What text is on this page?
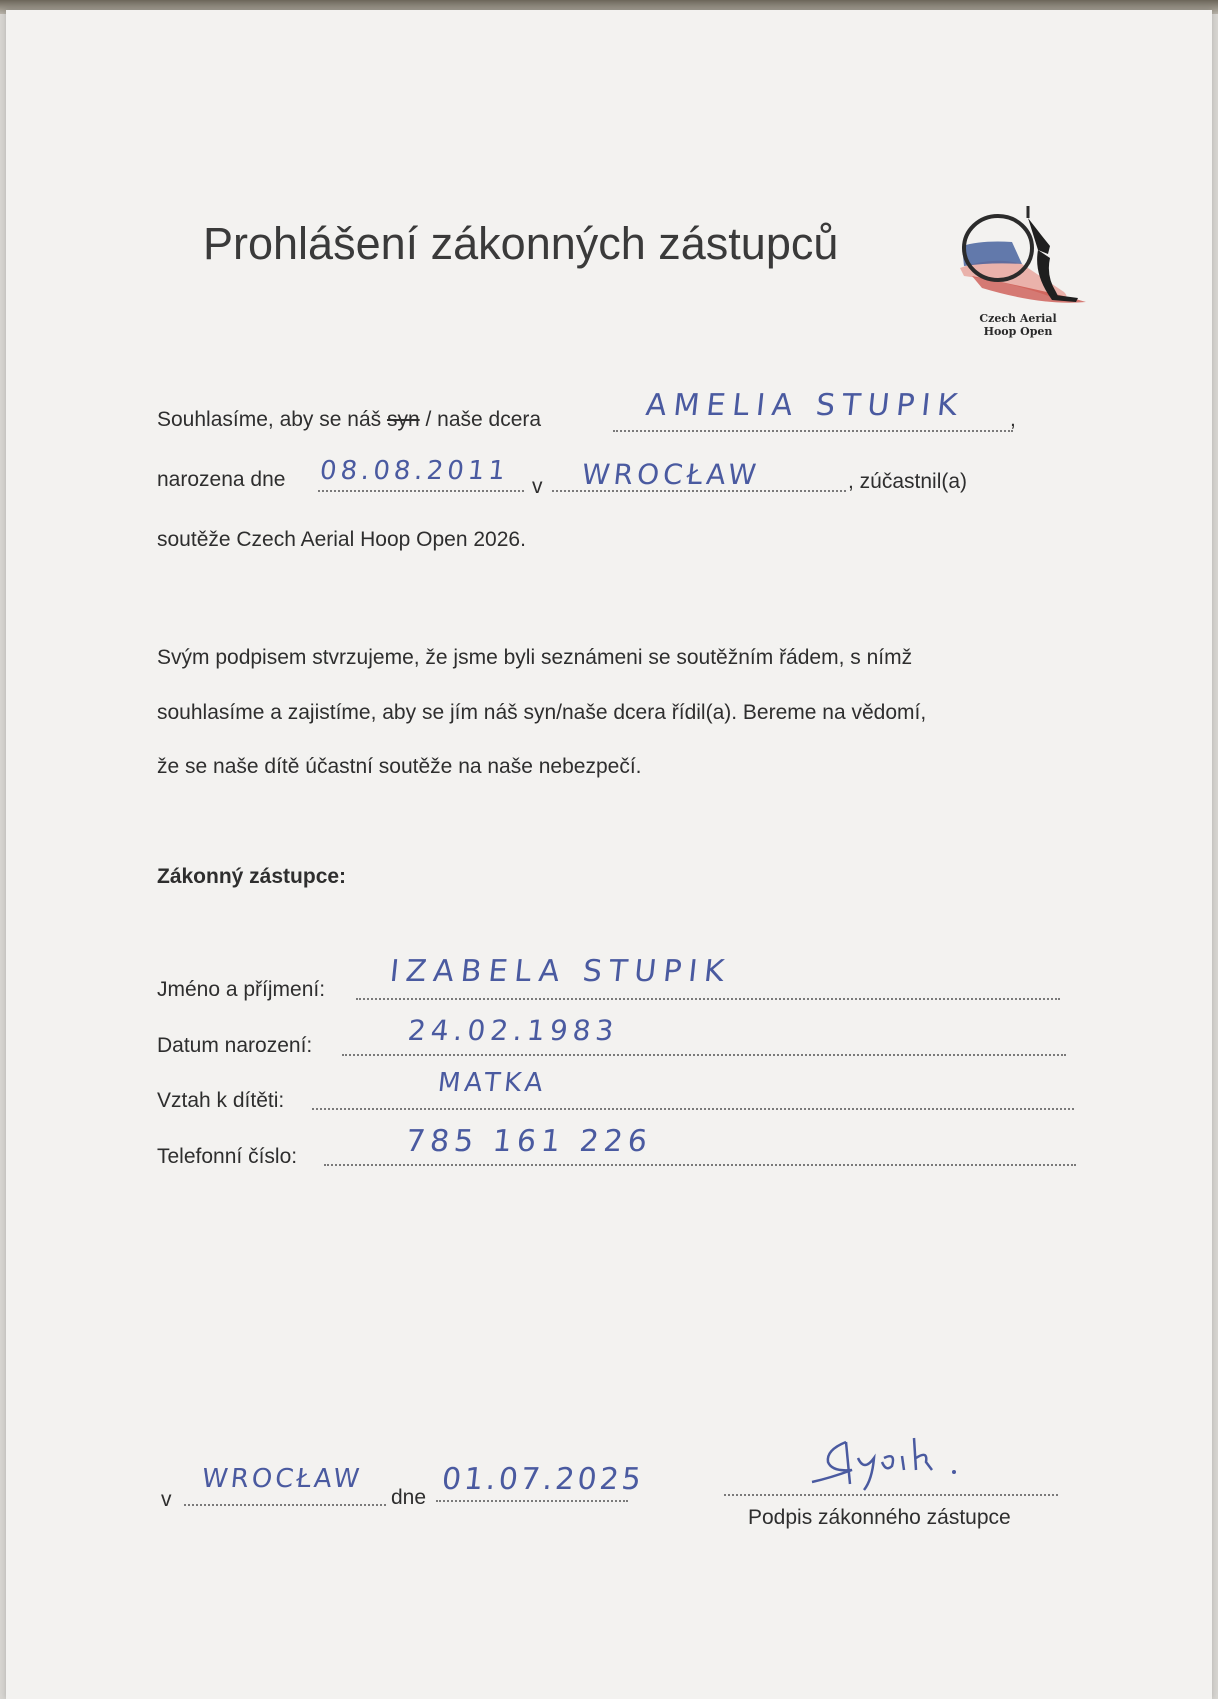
Prohlášení zákonných zástupců
Czech Aerial
Hoop Open
Souhlasíme, aby se náš syn / naše dcera	,
AMELIA STUPIK
narozena dne 08.08.2011
v WROCŁAW	, zúčastnil(a)
soutěže Czech Aerial Hoop Open 2026.
Svým podpisem stvrzujeme, že jsme byli seznámeni se soutěžním řádem, s nímž
souhlasíme a zajistíme, aby se jím náš syn/naše dcera řídil(a). Bereme na vědomí,
že se naše dítě účastní soutěže na naše nebezpečí.
Zákonný zástupce:
Jméno a příjmení:
IZABELA STUPIK
Datum narození:	24.02.1983
Vztah k dítěti:
MATKA
Telefonní číslo:	785 161 226
v
WROCŁAW
dne
01.07.2025
Podpis zákonného zástupce
